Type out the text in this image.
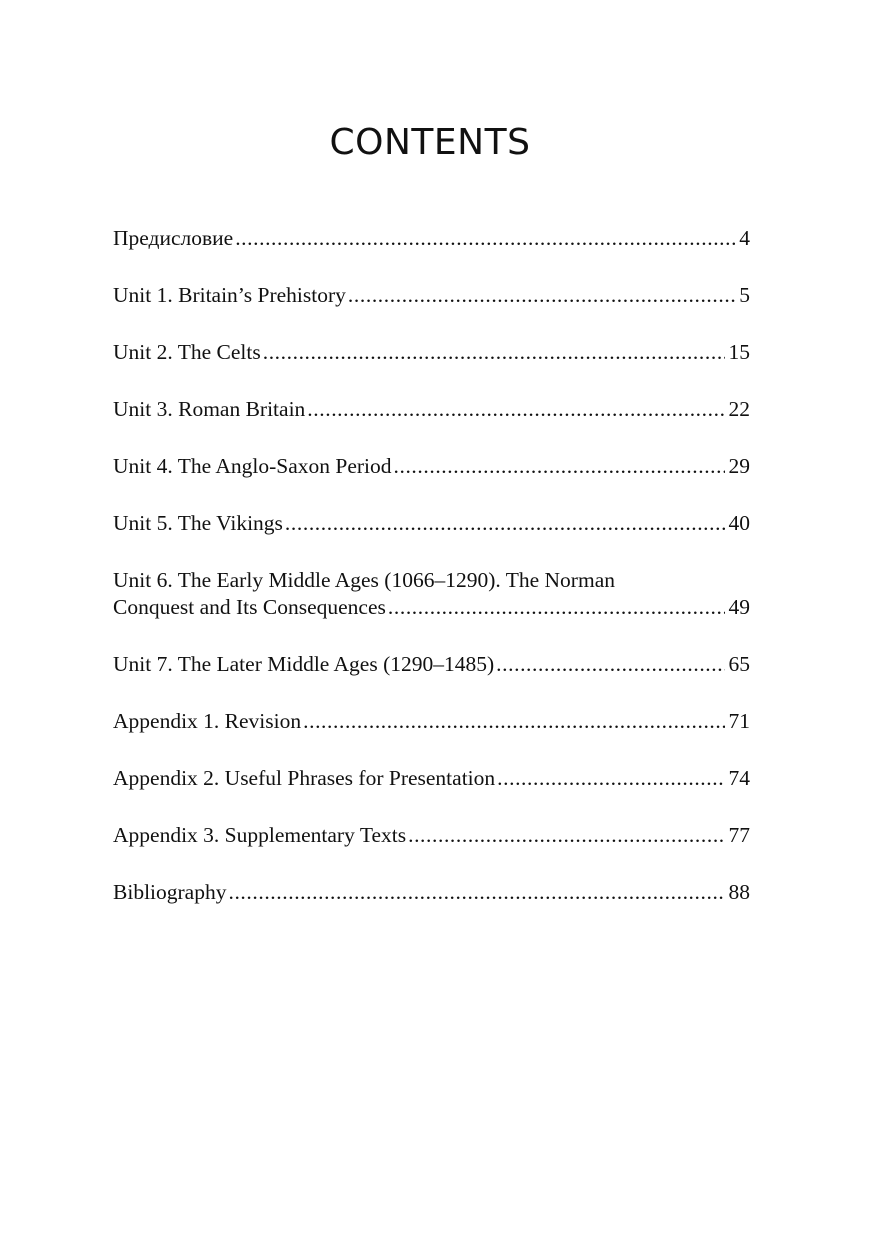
CONTENTS
Предисловие .....	4
Unit 1. Britain’s Prehistory .....	5
Unit 2. The Celts .....	15
Unit 3. Roman Britain .....	22
Unit 4. The Anglo-Saxon Period .....	29
Unit 5. The Vikings .....	40
Unit 6. The Early Middle Ages (1066–1290). The Norman
Conquest and Its Consequences .....	49
Unit 7. The Later Middle Ages (1290–1485) .....	65
Appendix 1. Revision .....	71
Appendix 2. Useful Phrases for Presentation .....	74
Appendix 3. Supplementary Texts .....	77
Bibliography .....	88
